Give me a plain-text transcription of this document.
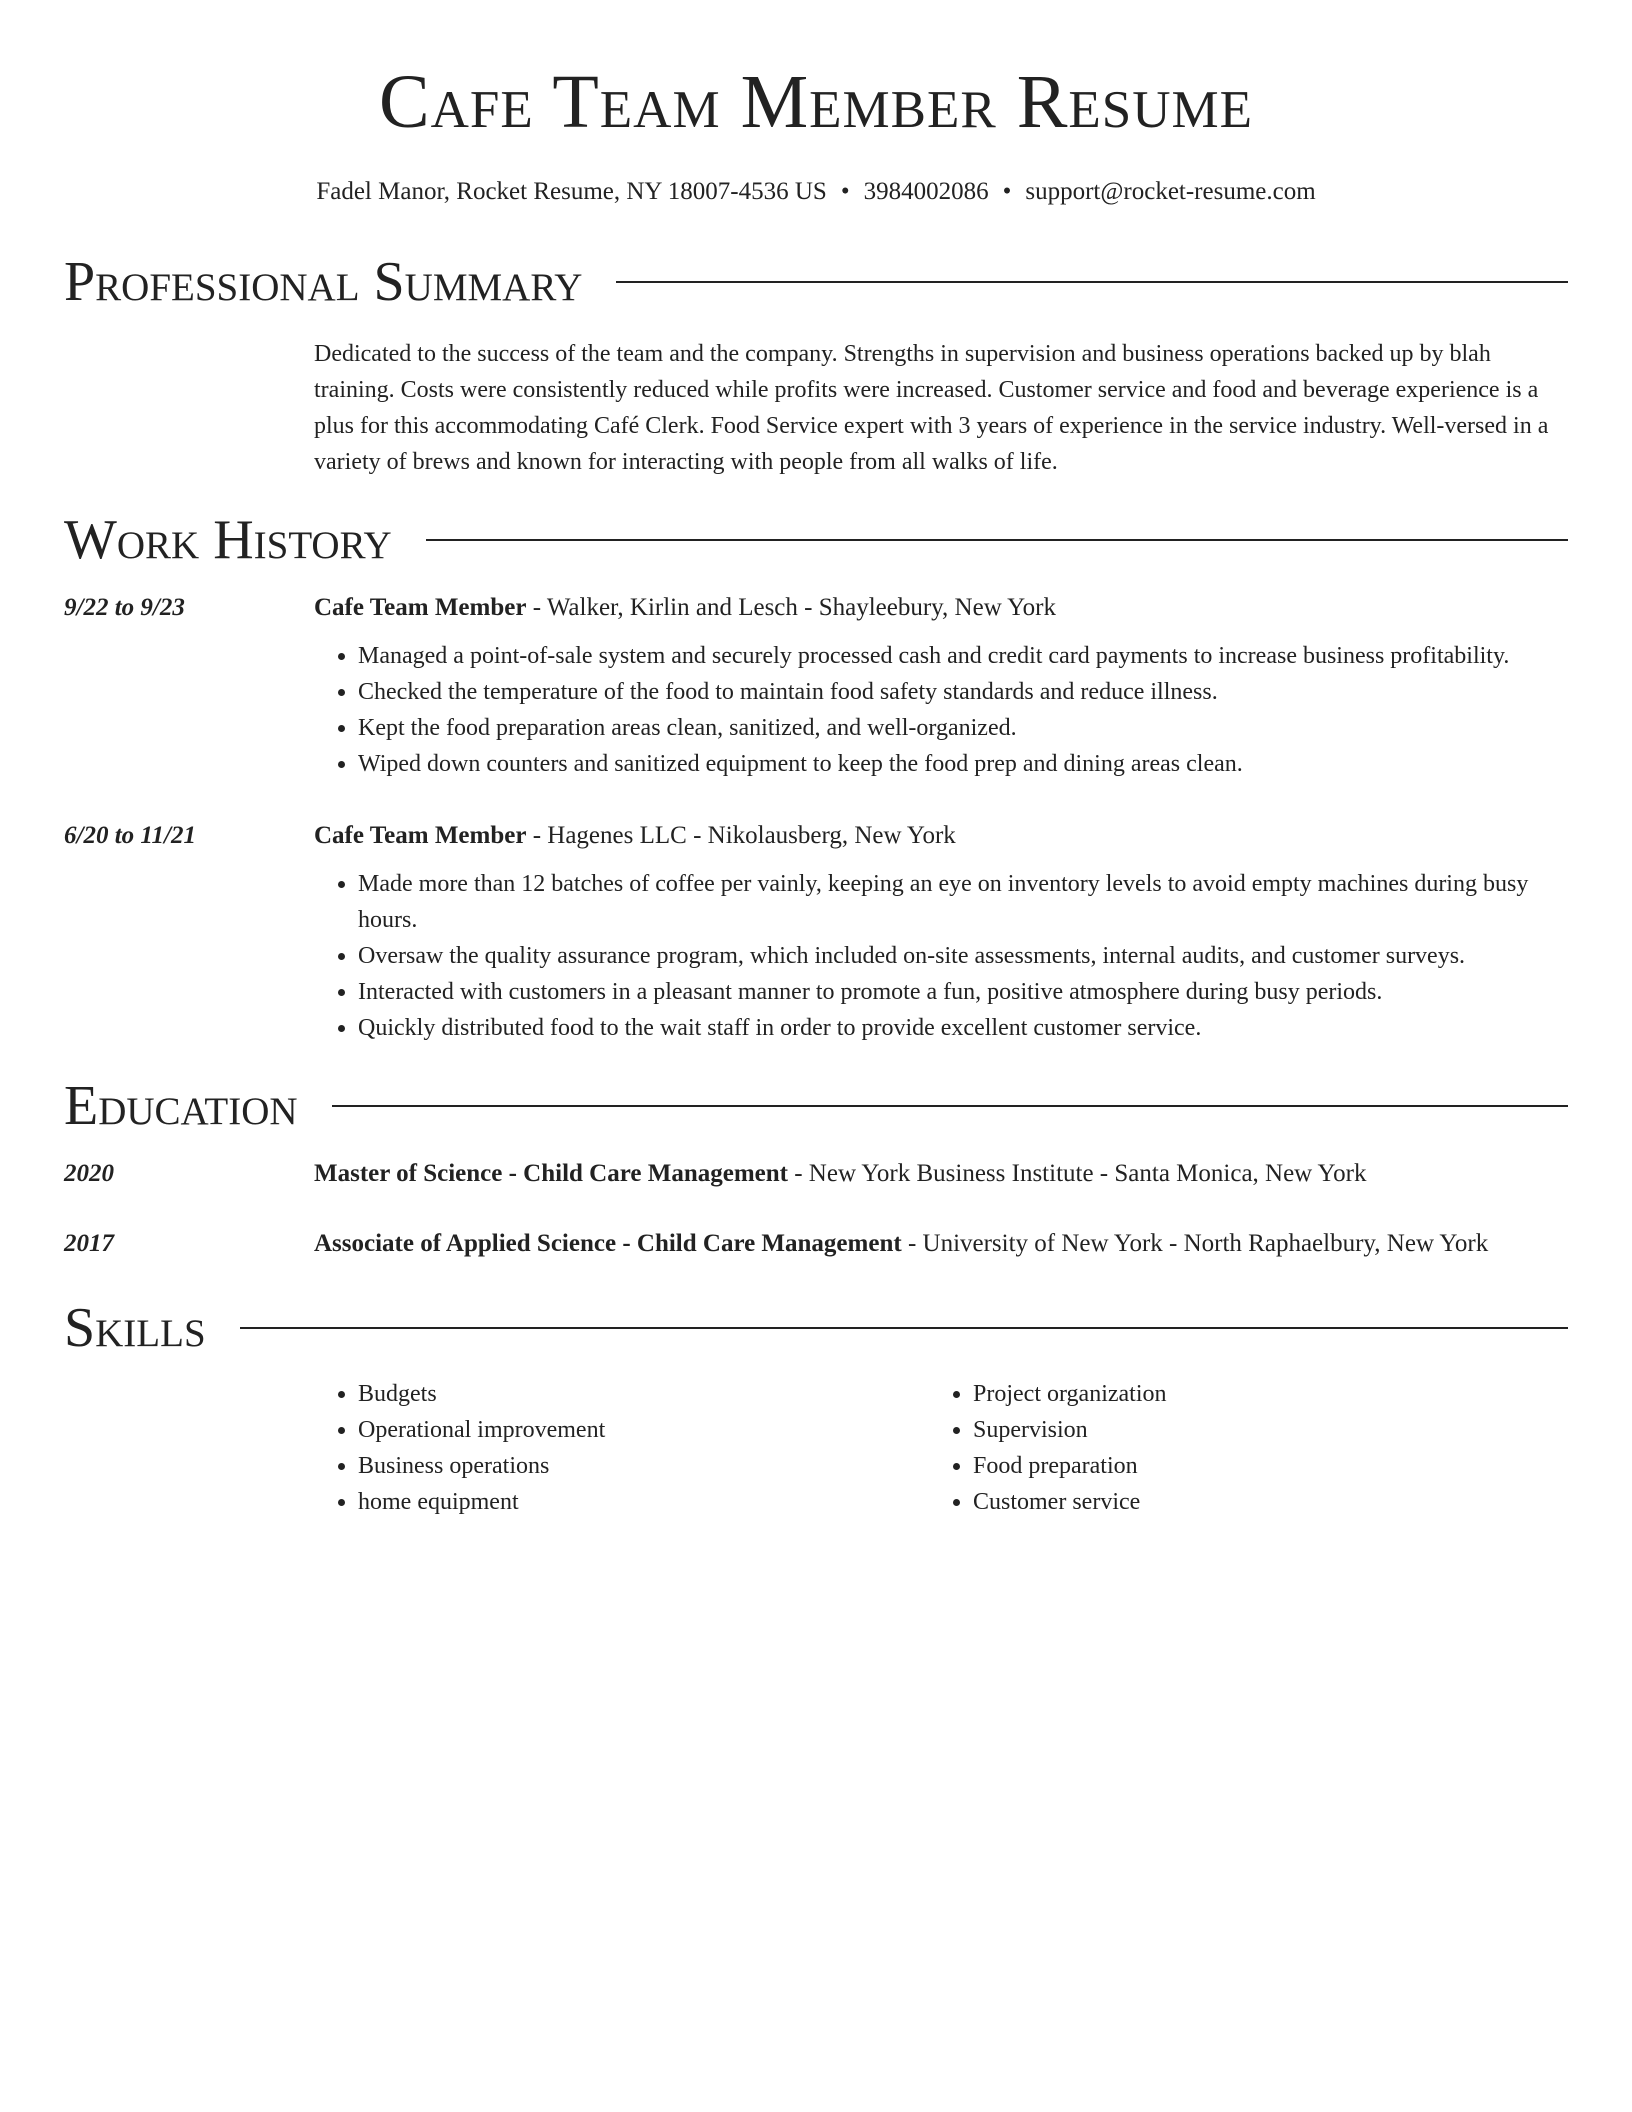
Cafe Team Member Resume
Fadel Manor, Rocket Resume, NY 18007-4536 US • 3984002086 • support@rocket-resume.com
Professional Summary
Dedicated to the success of the team and the company. Strengths in supervision and business operations backed up by blah training. Costs were consistently reduced while profits were increased. Customer service and food and beverage experience is a plus for this accommodating Café Clerk. Food Service expert with 3 years of experience in the service industry. Well-versed in a variety of brews and known for interacting with people from all walks of life.
Work History
9/22 to 9/23	Cafe Team Member - Walker, Kirlin and Lesch - Shayleebury, New York
• Managed a point-of-sale system and securely processed cash and credit card payments to increase business profitability.
• Checked the temperature of the food to maintain food safety standards and reduce illness.
• Kept the food preparation areas clean, sanitized, and well-organized.
• Wiped down counters and sanitized equipment to keep the food prep and dining areas clean.
6/20 to 11/21	Cafe Team Member - Hagenes LLC - Nikolausberg, New York
• Made more than 12 batches of coffee per vainly, keeping an eye on inventory levels to avoid empty machines during busy hours.
• Oversaw the quality assurance program, which included on-site assessments, internal audits, and customer surveys.
• Interacted with customers in a pleasant manner to promote a fun, positive atmosphere during busy periods.
• Quickly distributed food to the wait staff in order to provide excellent customer service.
Education
2020	Master of Science - Child Care Management - New York Business Institute - Santa Monica, New York
2017	Associate of Applied Science - Child Care Management - University of New York - North Raphaelbury, New York
Skills
• Budgets
• Operational improvement
• Business operations
• home equipment
• Project organization
• Supervision
• Food preparation
• Customer service
